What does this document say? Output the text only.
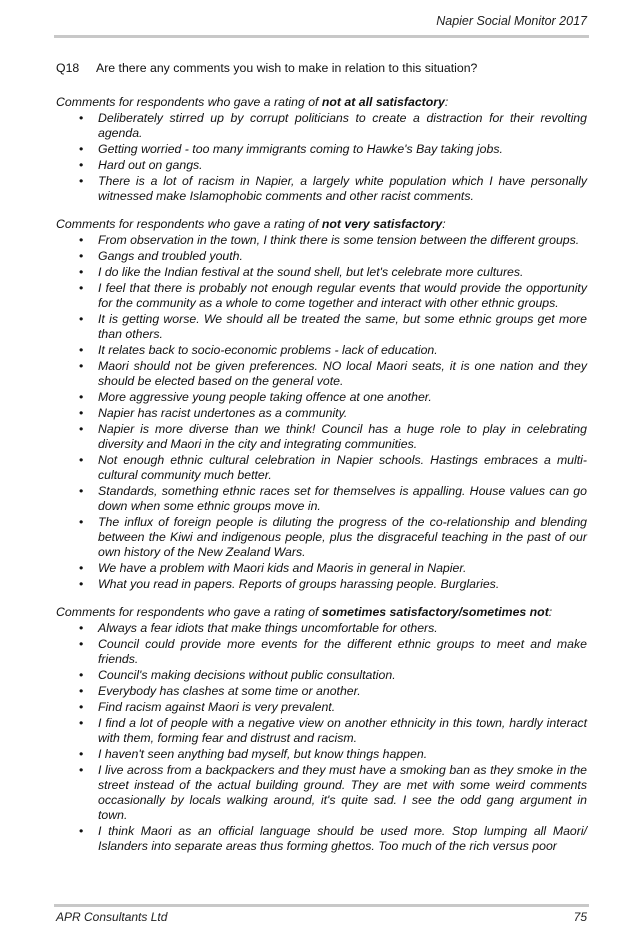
Napier Social Monitor 2017
Q18	Are there any comments you wish to make in relation to this situation?
Comments for respondents who gave a rating of not at all satisfactory:
• Deliberately stirred up by corrupt politicians to create a distraction for their revolting agenda.
• Getting worried - too many immigrants coming to Hawke's Bay taking jobs.
• Hard out on gangs.
• There is a lot of racism in Napier, a largely white population which I have personally witnessed make Islamophobic comments and other racist comments.
Comments for respondents who gave a rating of not very satisfactory:
• From observation in the town, I think there is some tension between the different groups.
• Gangs and troubled youth.
• I do like the Indian festival at the sound shell, but let's celebrate more cultures.
• I feel that there is probably not enough regular events that would provide the opportunity for the community as a whole to come together and interact with other ethnic groups.
• It is getting worse. We should all be treated the same, but some ethnic groups get more than others.
• It relates back to socio-economic problems - lack of education.
• Maori should not be given preferences. NO local Maori seats, it is one nation and they should be elected based on the general vote.
• More aggressive young people taking offence at one another.
• Napier has racist undertones as a community.
• Napier is more diverse than we think! Council has a huge role to play in celebrating diversity and Maori in the city and integrating communities.
• Not enough ethnic cultural celebration in Napier schools. Hastings embraces a multi-cultural community much better.
• Standards, something ethnic races set for themselves is appalling. House values can go down when some ethnic groups move in.
• The influx of foreign people is diluting the progress of the co-relationship and blending between the Kiwi and indigenous people, plus the disgraceful teaching in the past of our own history of the New Zealand Wars.
• We have a problem with Maori kids and Maoris in general in Napier.
• What you read in papers. Reports of groups harassing people. Burglaries.
Comments for respondents who gave a rating of sometimes satisfactory/sometimes not:
• Always a fear idiots that make things uncomfortable for others.
• Council could provide more events for the different ethnic groups to meet and make friends.
• Council's making decisions without public consultation.
• Everybody has clashes at some time or another.
• Find racism against Maori is very prevalent.
• I find a lot of people with a negative view on another ethnicity in this town, hardly interact with them, forming fear and distrust and racism.
• I haven't seen anything bad myself, but know things happen.
• I live across from a backpackers and they must have a smoking ban as they smoke in the street instead of the actual building ground. They are met with some weird comments occasionally by locals walking around, it's quite sad. I see the odd gang argument in town.
• I think Maori as an official language should be used more. Stop lumping all Maori/ Islanders into separate areas thus forming ghettos. Too much of the rich versus poor
APR Consultants Ltd	75
